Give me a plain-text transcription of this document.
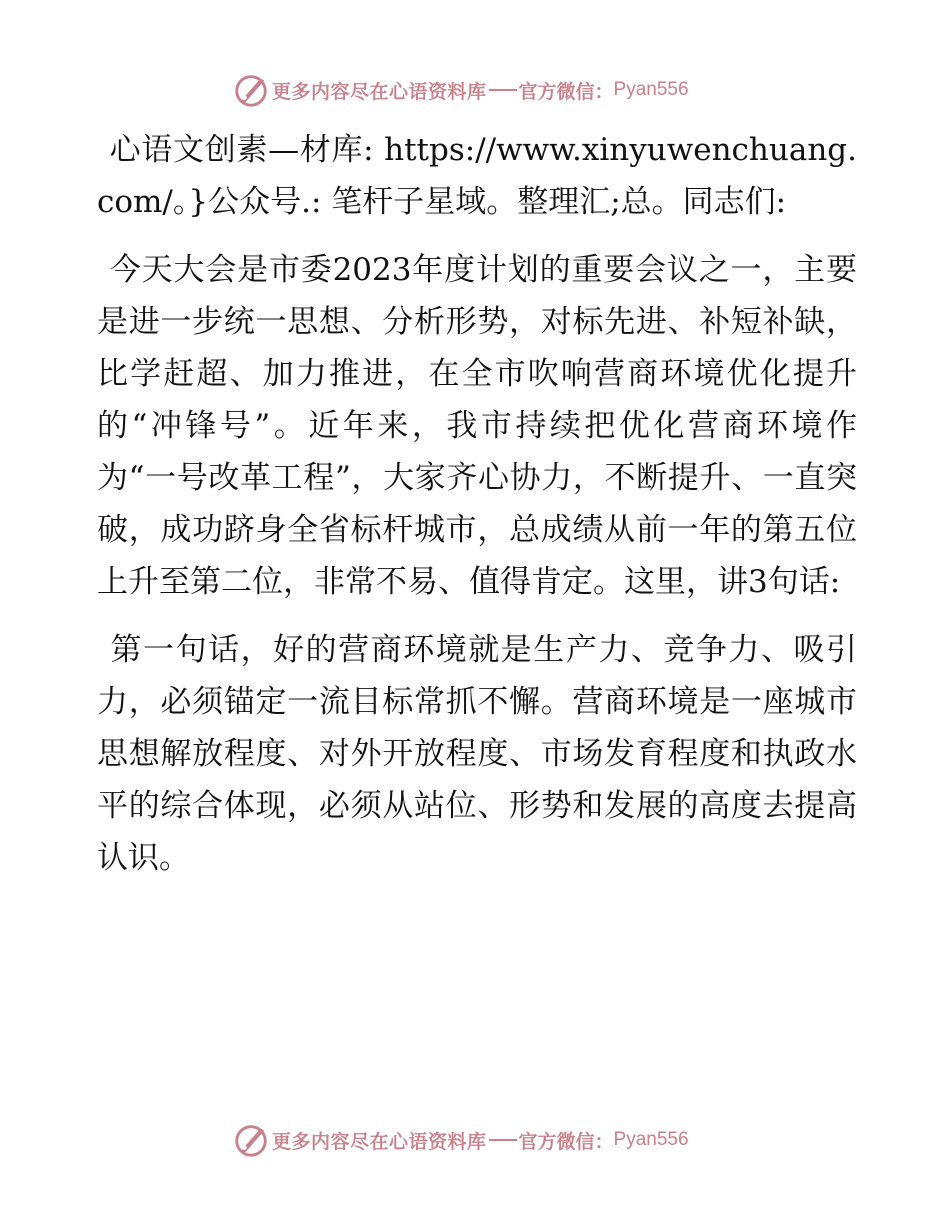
更多内容尽在心语资料库 官方微信： Pyan556

心语文创素—材库: https://www.xinyuwenchuang.com/。}公众号.: 笔杆子星域。整理汇;总。同志们:

今天大会是市委2023年度计划的重要会议之一，主要是进一步统一思想、分析形势，对标先进、补短补缺，比学赶超、加力推进，在全市吹响营商环境优化提升的“冲锋号”。近年来，我市持续把优化营商环境作为“一号改革工程”，大家齐心协力，不断提升、一直突破，成功跻身全省标杆城市，总成绩从前一年的第五位上升至第二位，非常不易、值得肯定。这里，讲3句话:

第一句话，好的营商环境就是生产力、竞争力、吸引力，必须锚定一流目标常抓不懈。营商环境是一座城市思想解放程度、对外开放程度、市场发育程度和执政水平的综合体现，必须从站位、形势和发展的高度去提高认识。

更多内容尽在心语资料库 官方微信： Pyan556
